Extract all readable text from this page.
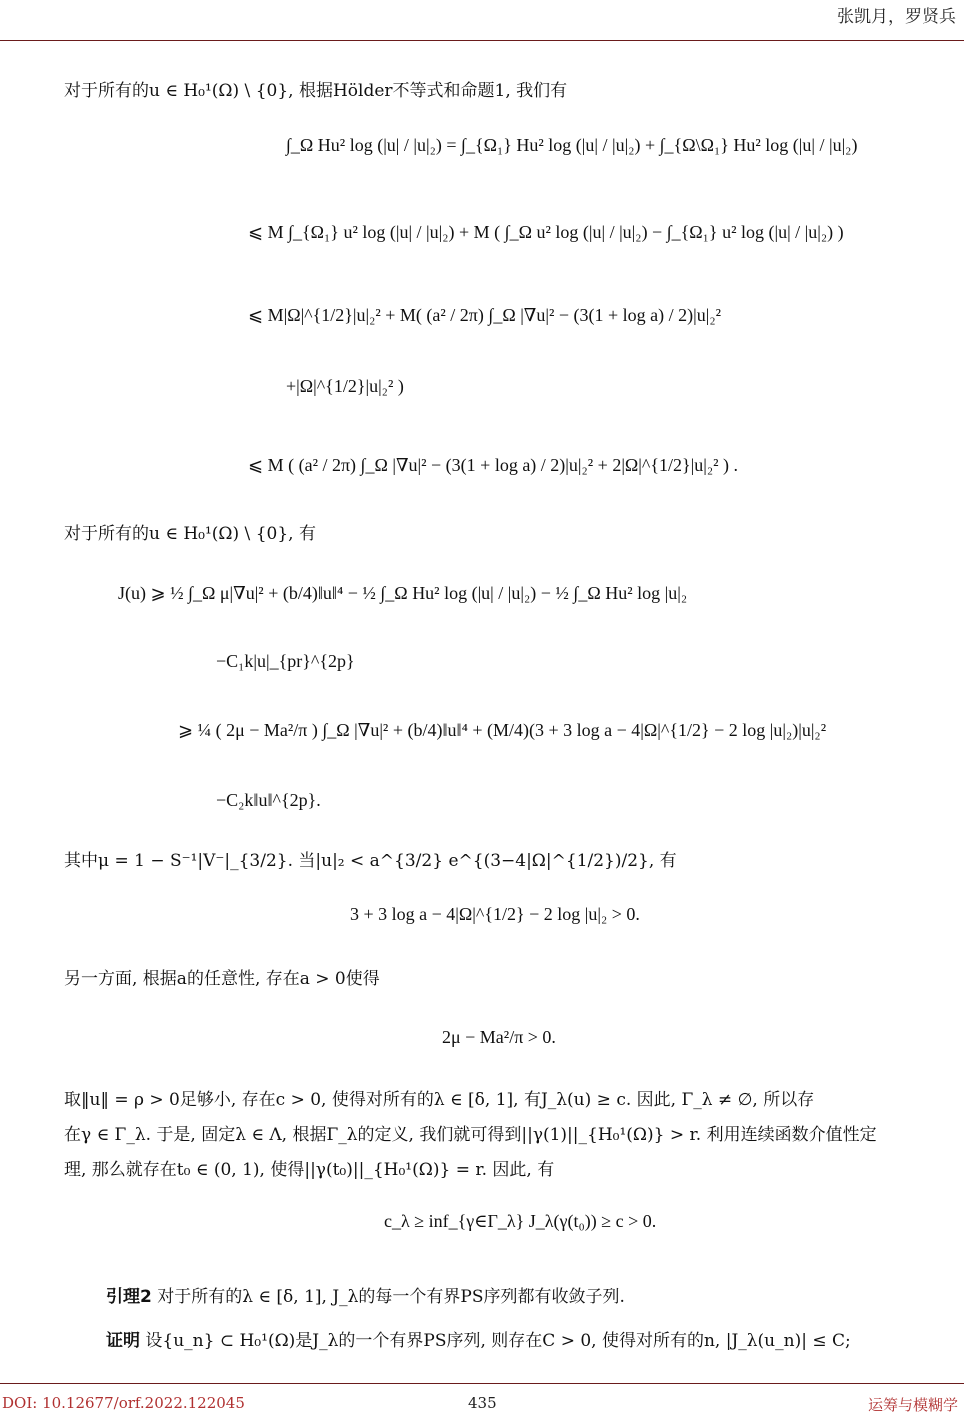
张凯月，罗贤兵
对于所有的u ∈ H₀¹(Ω) \ {0}, 根据Hölder不等式和命题1, 我们有
∫_Ω Hu² log (|u| / |u|₂) = ∫_{Ω₁} Hu² log (|u| / |u|₂) + ∫_{Ω\Ω₁} Hu² log (|u| / |u|₂)
⩽ M ∫_{Ω₁} u² log (|u| / |u|₂) + M ( ∫_Ω u² log (|u| / |u|₂) − ∫_{Ω₁} u² log (|u| / |u|₂) )
⩽ M|Ω|^{1/2}|u|₂² + M( (a² / 2π) ∫_Ω |∇u|² − (3(1 + log a) / 2)|u|₂²
+|Ω|^{1/2}|u|₂² )
⩽ M ( (a² / 2π) ∫_Ω |∇u|² − (3(1 + log a) / 2)|u|₂² + 2|Ω|^{1/2}|u|₂² ) .
对于所有的u ∈ H₀¹(Ω) \ {0}, 有
J(u) ⩾ ½ ∫_Ω μ|∇u|² + (b/4)‖u‖⁴ − ½ ∫_Ω Hu² log (|u| / |u|₂) − ½ ∫_Ω Hu² log |u|₂
−C₁k|u|_{pr}^{2p}
⩾ ¼ ( 2μ − Ma²/π ) ∫_Ω |∇u|² + (b/4)‖u‖⁴ + (M/4)(3 + 3 log a − 4|Ω|^{1/2} − 2 log |u|₂)|u|₂²
−C₂k‖u‖^{2p}.
其中μ = 1 − S⁻¹|V⁻|_{3/2}. 当|u|₂ < a^{3/2} e^{(3−4|Ω|^{1/2})/2}, 有
3 + 3 log a − 4|Ω|^{1/2} − 2 log |u|₂ > 0.
另一方面, 根据a的任意性, 存在a > 0使得
2μ − Ma²/π > 0.
取‖u‖ = ρ > 0足够小, 存在c > 0, 使得对所有的λ ∈ [δ, 1], 有J_λ(u) ≥ c. 因此, Γ_λ ≠ ∅, 所以存
在γ ∈ Γ_λ. 于是, 固定λ ∈ Λ, 根据Γ_λ的定义, 我们就可得到||γ(1)||_{H₀¹(Ω)} > r. 利用连续函数介值性定
理, 那么就存在t₀ ∈ (0, 1), 使得||γ(t₀)||_{H₀¹(Ω)} = r. 因此, 有
c_λ ≥ inf_{γ∈Γ_λ} J_λ(γ(t₀)) ≥ c > 0.
引理2 对于所有的λ ∈ [δ, 1], J_λ的每一个有界PS序列都有收敛子列.
证明 设{u_n} ⊂ H₀¹(Ω)是J_λ的一个有界PS序列, 则存在C > 0, 使得对所有的n, |J_λ(u_n)| ≤ C;
DOI: 10.12677/orf.2022.122045	435	运筹与模糊学
